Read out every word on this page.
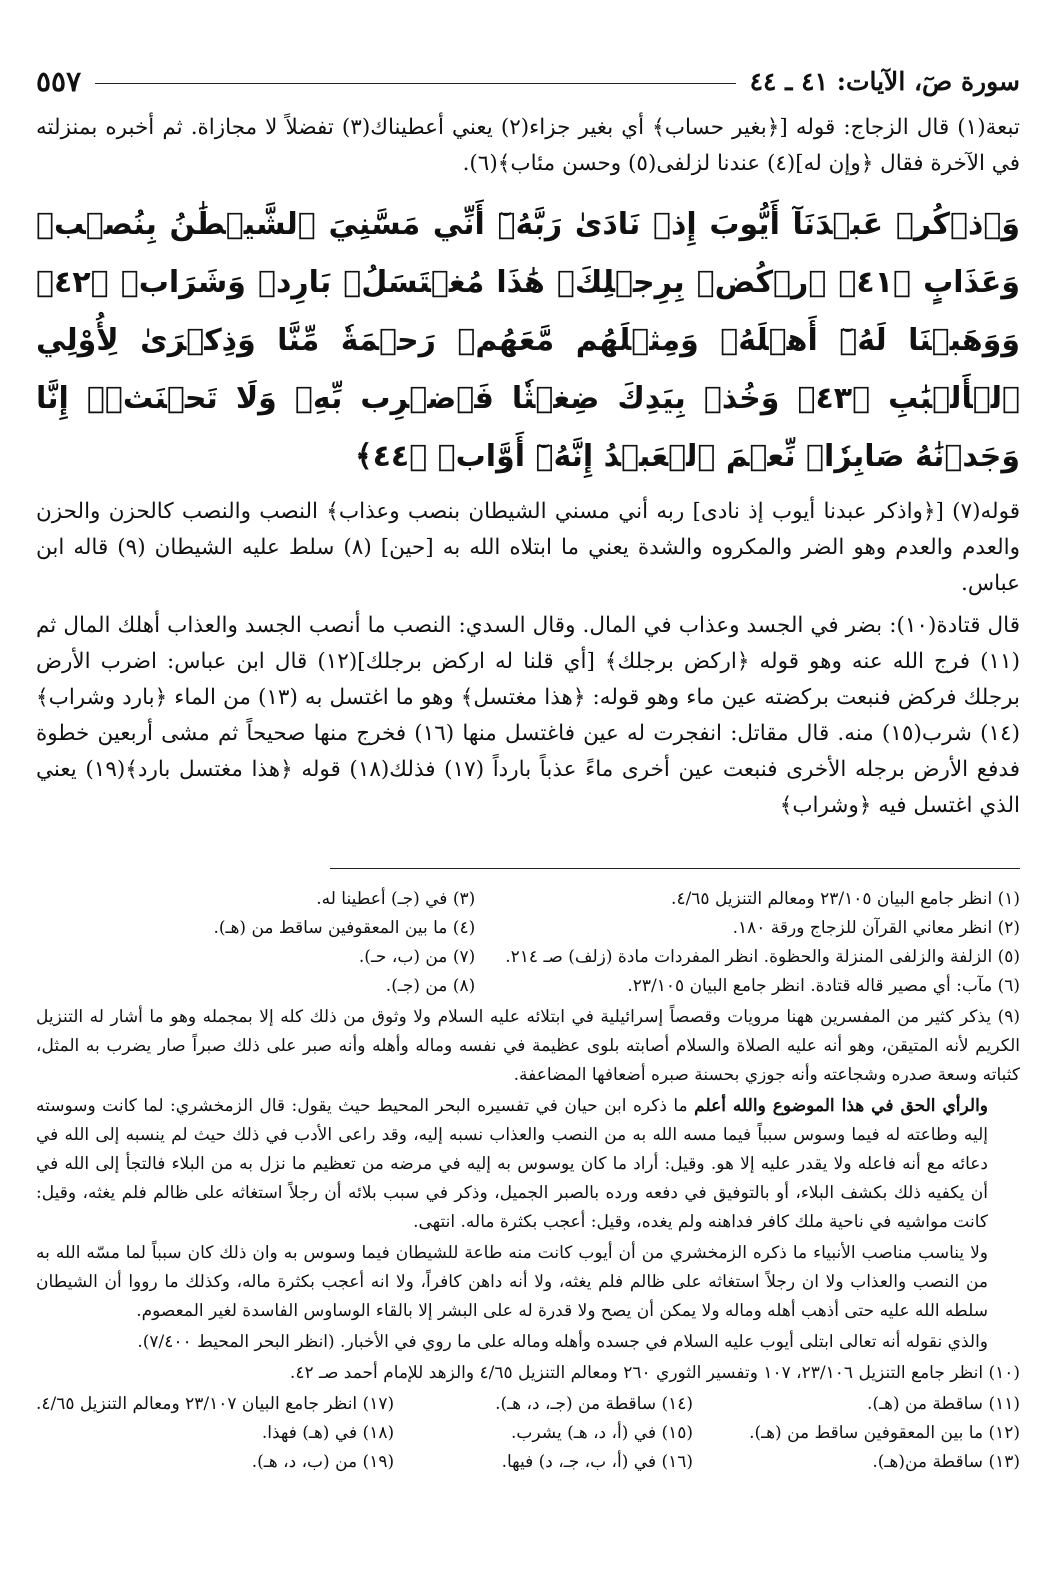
سورة صٓ، الآيات: ٤١ ـ ٤٤
٥٥٧

تبعة(١) قال الزجاج: قوله [﴿بغير حساب﴾ أي بغير جزاء(٢) يعني أعطيناك(٣) تفضلاً لا مجازاة. ثم أخبره بمنزلته في الآخرة فقال ﴿وإن له](٤) عندنا لزلفى(٥) وحسن مئاب﴾(٦).

وَٱذۡكُرۡ عَبۡدَنَآ أَيُّوبَ إِذۡ نَادَىٰ رَبَّهُۥٓ أَنِّي مَسَّنِيَ ٱلشَّيۡطَٰنُ بِنُصۡبٖ وَعَذَابٍ ﴿٤١﴾ ٱرۡكُضۡ بِرِجۡلِكَۖ هَٰذَا مُغۡتَسَلُۢ بَارِدٞ وَشَرَابٞ ﴿٤٢﴾ وَوَهَبۡنَا لَهُۥٓ أَهۡلَهُۥ وَمِثۡلَهُم مَّعَهُمۡ رَحۡمَةٗ مِّنَّا وَذِكۡرَىٰ لِأُوْلِي ٱلۡأَلۡبَٰبِ ﴿٤٣﴾ وَخُذۡ بِيَدِكَ ضِغۡثٗا فَٱضۡرِب بِّهِۦ وَلَا تَحۡنَثۡۗ إِنَّا وَجَدۡنَٰهُ صَابِرٗاۚ نِّعۡمَ ٱلۡعَبۡدُ إِنَّهُۥٓ أَوَّابٞ ﴿٤٤﴾

قوله(٧) [﴿واذكر عبدنا أيوب إذ نادى] ربه أني مسني الشيطان بنصب وعذاب﴾ النصب والنصب كالحزن والحزن والعدم والعدم وهو الضر والمكروه والشدة يعني ما ابتلاه الله به [حين] (٨) سلط عليه الشيطان (٩) قاله ابن عباس.

قال قتادة(١٠): بضر في الجسد وعذاب في المال. وقال السدي: النصب ما أنصب الجسد والعذاب أهلك المال ثم (١١) فرج الله عنه وهو قوله ﴿اركض برجلك﴾ [أي قلنا له اركض برجلك](١٢) قال ابن عباس: اضرب الأرض برجلك فركض فنبعت بركضته عين ماء وهو قوله: ﴿هذا مغتسل﴾ وهو ما اغتسل به (١٣) من الماء ﴿بارد وشراب﴾(١٤) شرب(١٥) منه. قال مقاتل: انفجرت له عين فاغتسل منها (١٦) فخرج منها صحيحاً ثم مشى أربعين خطوة فدفع الأرض برجله الأخرى فنبعت عين أخرى ماءً عذباً بارداً (١٧) فذلك(١٨) قوله ﴿هذا مغتسل بارد﴾(١٩) يعني الذي اغتسل فيه ﴿وشراب﴾

(١) انظر جامع البيان ٢٣/١٠٥ ومعالم التنزيل ٤/٦٥.
(٣) في (جـ) أعطينا له.
(٢) انظر معاني القرآن للزجاج ورقة ١٨٠.
(٤) ما بين المعقوفين ساقط من (هـ).
(٥) الزلفة والزلفى المنزلة والحظوة. انظر المفردات مادة (زلف) صـ ٢١٤.
(٧) من (ب، حـ).
(٦) مآب: أي مصير قاله قتادة. انظر جامع البيان ٢٣/١٠٥.
(٨) من (جـ).

(٩) يذكر كثير من المفسرين ههنا مرويات وقصصاً إسرائيلية في ابتلائه عليه السلام ولا وثوق من ذلك كله إلا بمجمله وهو ما أشار له التنزيل الكريم لأنه المتيقن، وهو أنه عليه الصلاة والسلام أصابته بلوى عظيمة في نفسه وماله وأهله وأنه صبر على ذلك صبراً صار يضرب به المثل، كثباته وسعة صدره وشجاعته وأنه جوزي بحسنة صبره أضعافها المضاعفة.

والرأي الحق في هذا الموضوع والله أعلم ما ذكره ابن حيان في تفسيره البحر المحيط حيث يقول: قال الزمخشري: لما كانت وسوسته إليه وطاعته له فيما وسوس سبباً فيما مسه الله به من النصب والعذاب نسبه إليه، وقد راعى الأدب في ذلك حيث لم ينسبه إلى الله في دعائه مع أنه فاعله ولا يقدر عليه إلا هو. وقيل: أراد ما كان يوسوس به إليه في مرضه من تعظيم ما نزل به من البلاء فالتجأ إلى الله في أن يكفيه ذلك بكشف البلاء، أو بالتوفيق في دفعه ورده بالصبر الجميل، وذكر في سبب بلائه أن رجلاً استغاثه على ظالم فلم يغثه، وقيل: كانت مواشيه في ناحية ملك كافر فداهنه ولم يغده، وقيل: أعجب بكثرة ماله. انتهى.

ولا يناسب مناصب الأنبياء ما ذكره الزمخشري من أن أيوب كانت منه طاعة للشيطان فيما وسوس به وان ذلك كان سبباً لما مسّه الله به من النصب والعذاب ولا ان رجلاً استغاثه على ظالم فلم يغثه، ولا أنه داهن كافراً، ولا انه أعجب بكثرة ماله، وكذلك ما رووا أن الشيطان سلطه الله عليه حتى أذهب أهله وماله ولا يمكن أن يصح ولا قدرة له على البشر إلا بالقاء الوساوس الفاسدة لغير المعصوم.

والذي نقوله أنه تعالى ابتلى أيوب عليه السلام في جسده وأهله وماله على ما روي في الأخبار. (انظر البحر المحيط ٧/٤٠٠).

(١٠) انظر جامع التنزيل ٢٣/١٠٦، ١٠٧ وتفسير الثوري ٢٦٠ ومعالم التنزيل ٤/٦٥ والزهد للإمام أحمد صـ ٤٢.

(١١) ساقطة من (هـ).
(١٤) ساقطة من (جـ، د، هـ).
(١٧) انظر جامع البيان ٢٣/١٠٧ ومعالم التنزيل ٤/٦٥.
(١٢) ما بين المعقوفين ساقط من (هـ).
(١٥) في (أ، د، هـ) يشرب.
(١٨) في (هـ) فهذا.
(١٣) ساقطة من(هـ).
(١٦) في (أ، ب، جـ، د) فيها.
(١٩) من (ب، د، هـ).
